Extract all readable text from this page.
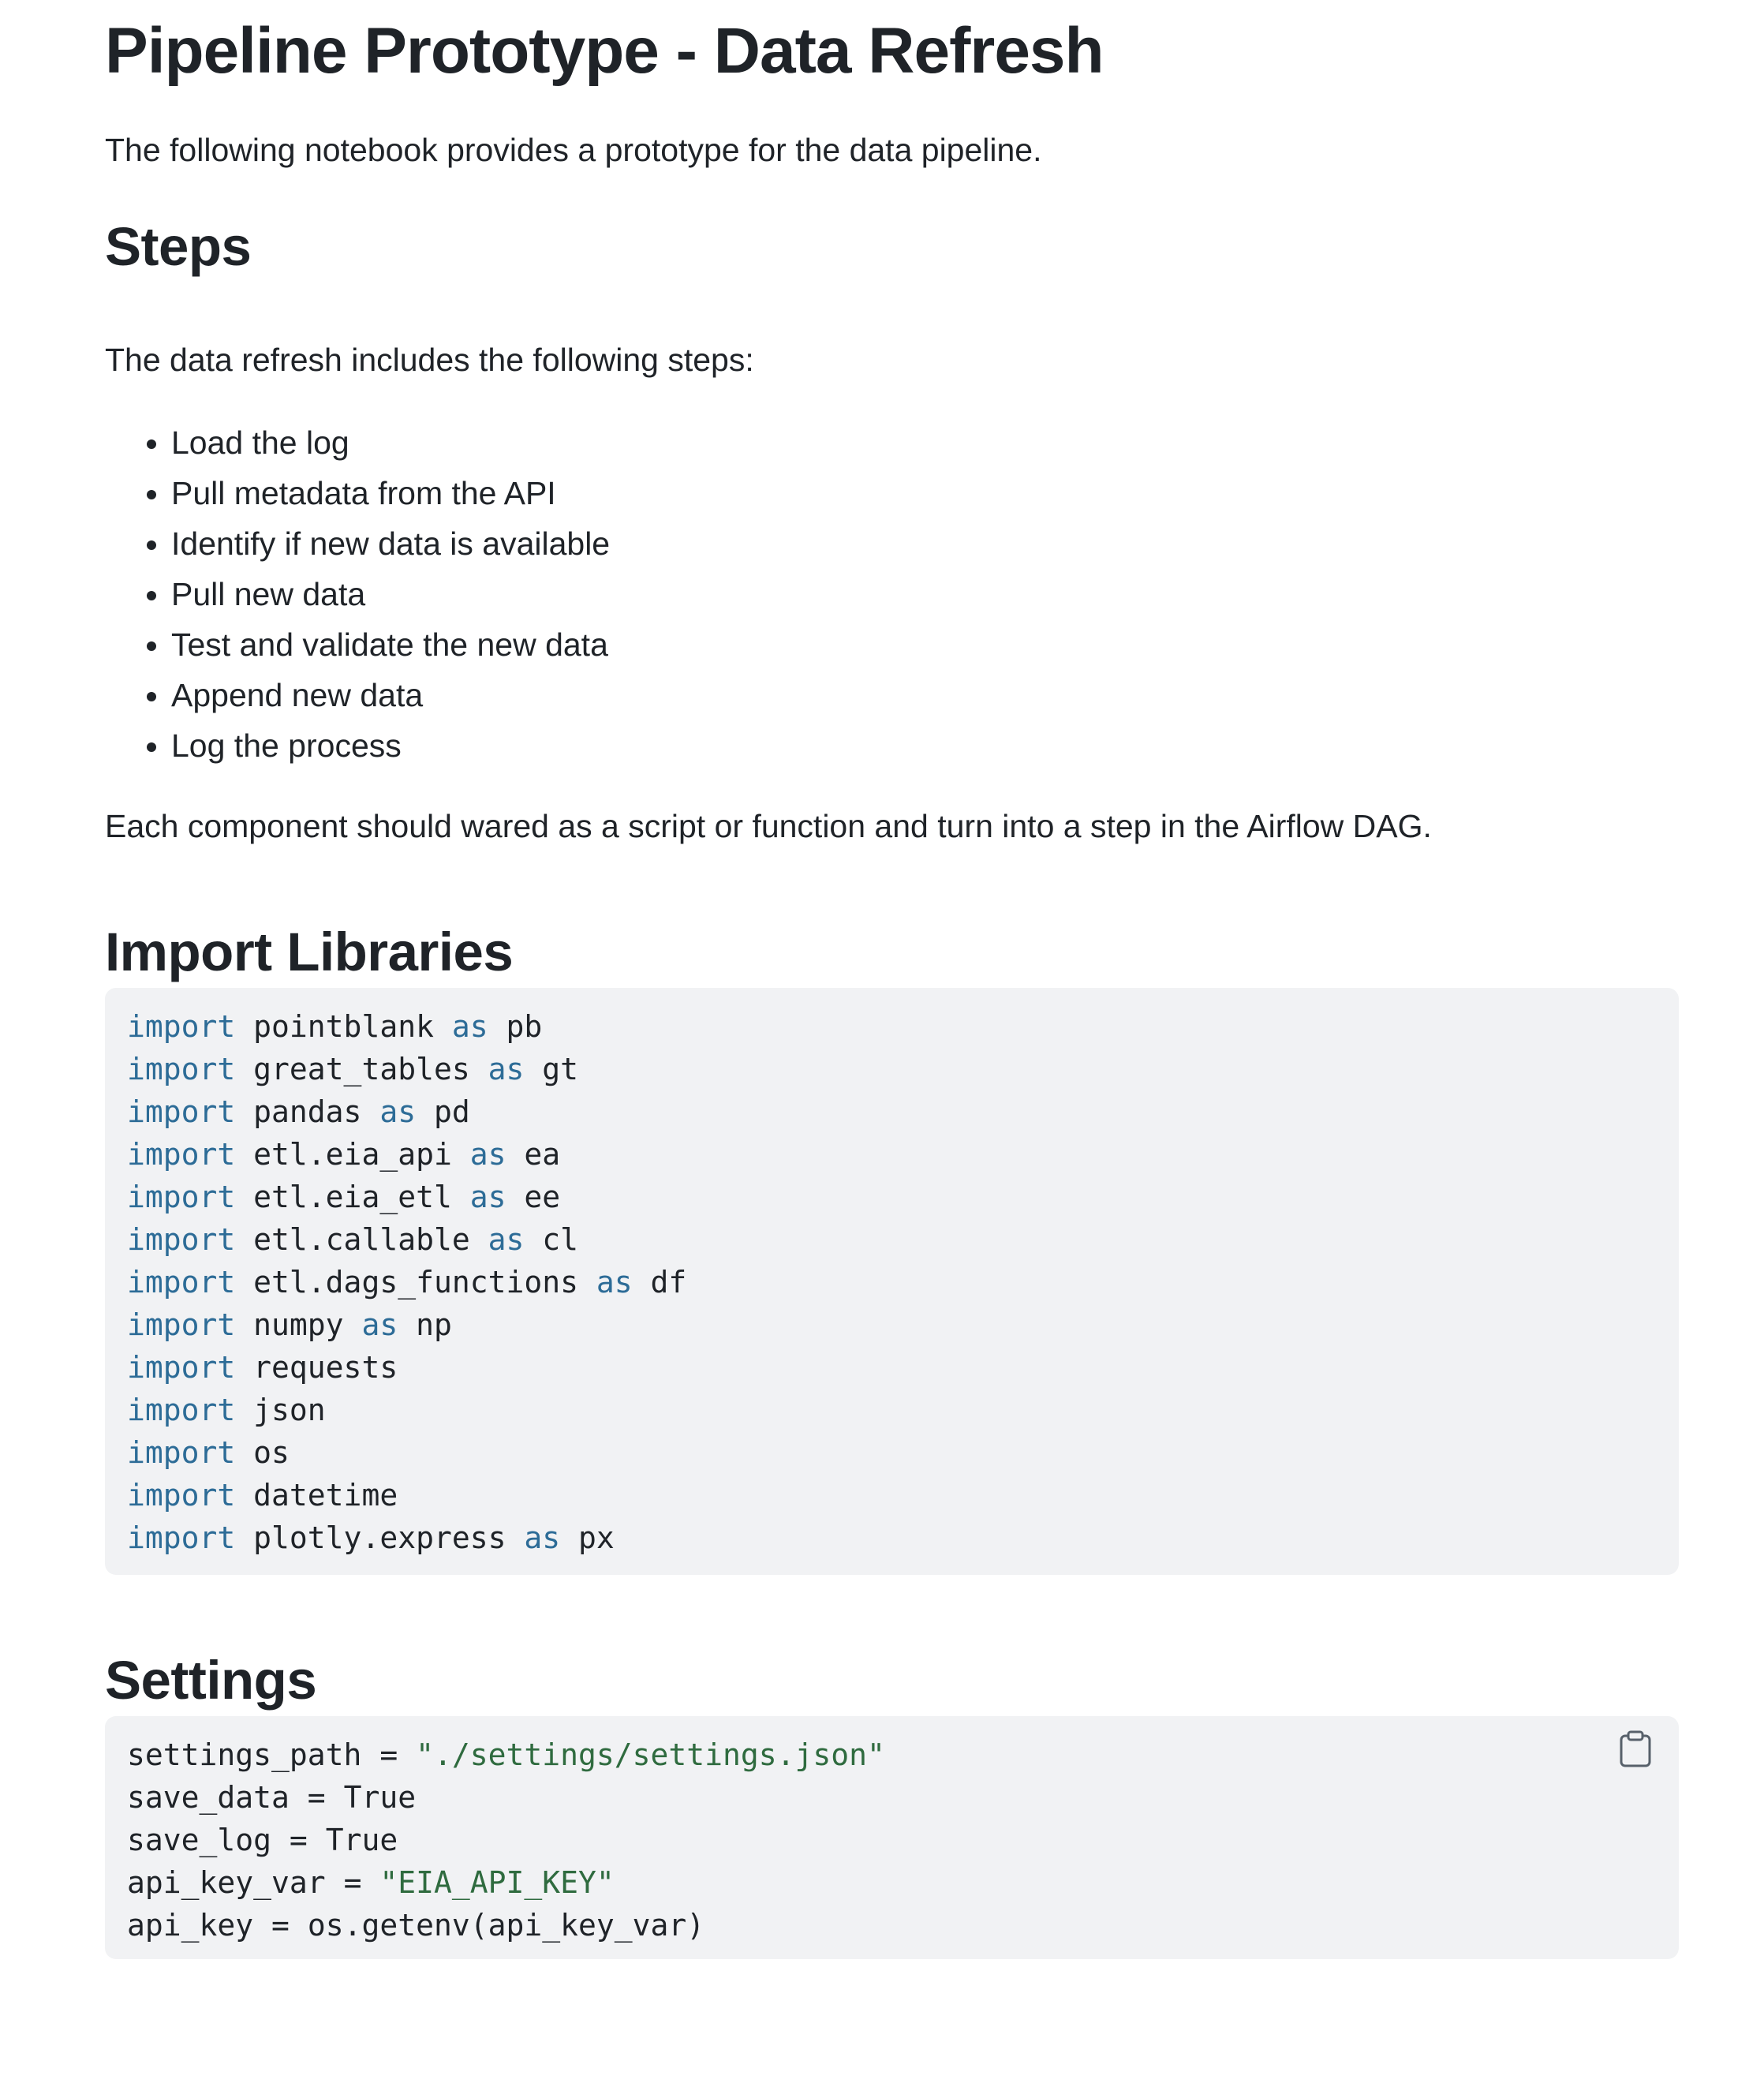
Pipeline Prototype - Data Refresh

The following notebook provides a prototype for the data pipeline.

Steps

The data refresh includes the following steps:

• Load the log
• Pull metadata from the API
• Identify if new data is available
• Pull new data
• Test and validate the new data
• Append new data
• Log the process

Each component should wared as a script or function and turn into a step in the Airflow DAG.

Import Libraries
import pointblank as pb
import great_tables as gt
import pandas as pd
import etl.eia_api as ea
import etl.eia_etl as ee
import etl.callable as cl
import etl.dags_functions as df
import numpy as np
import requests
import json
import os
import datetime
import plotly.express as px
Settings
settings_path = "./settings/settings.json"
save_data = True
save_log = True
api_key_var = "EIA_API_KEY"
api_key = os.getenv(api_key_var)
